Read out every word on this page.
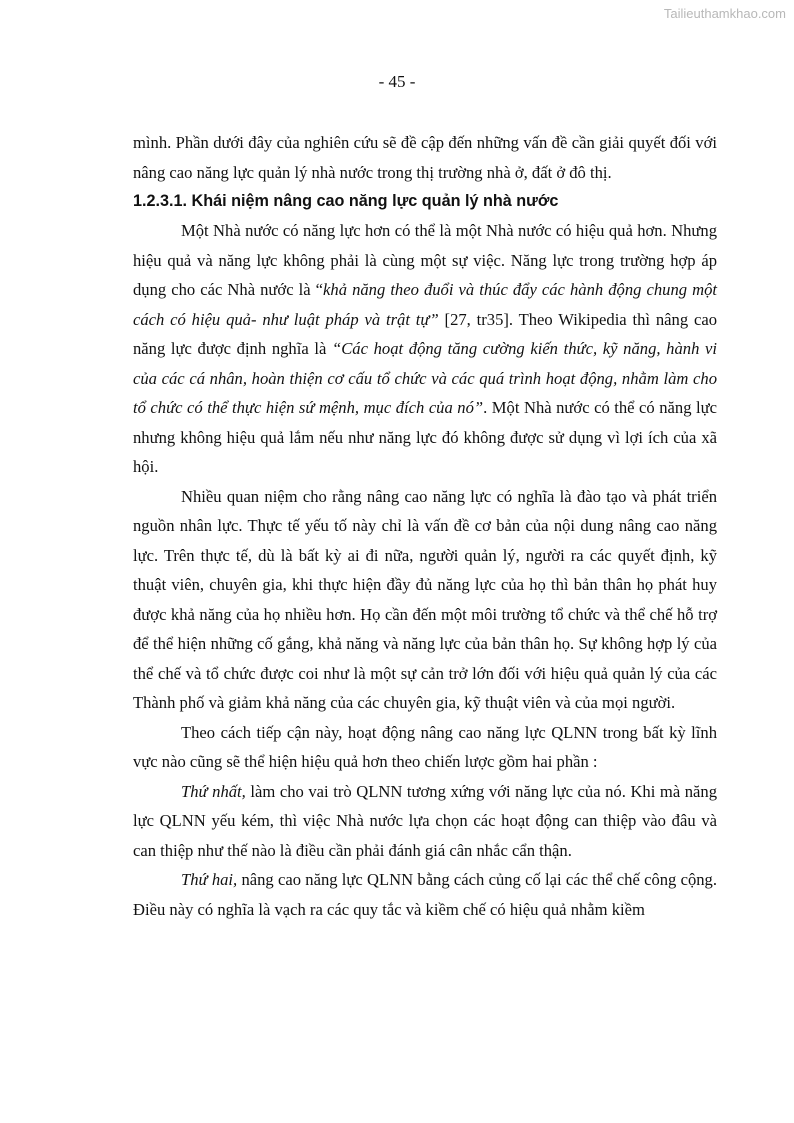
Tailieuthamkhao.com
- 45 -

mình. Phần dưới đây của nghiên cứu sẽ đề cập đến những vấn đề cần giải quyết đối với nâng cao năng lực quản lý nhà nước trong thị trường nhà ở, đất ở đô thị.

1.2.3.1. Khái niệm nâng cao năng lực quản lý nhà nước

Một Nhà nước có năng lực hơn có thể là một Nhà nước có hiệu quả hơn. Nhưng hiệu quả và năng lực không phải là cùng một sự việc. Năng lực trong trường hợp áp dụng cho các Nhà nước là “khả năng theo đuổi và thúc đẩy các hành động chung một cách có hiệu quả- như luật pháp và trật tự” [27, tr35]. Theo Wikipedia thì nâng cao năng lực được định nghĩa là “Các hoạt động tăng cường kiến thức, kỹ năng, hành vi của các cá nhân, hoàn thiện cơ cấu tổ chức và các quá trình hoạt động, nhằm làm cho tổ chức có thể thực hiện sứ mệnh, mục đích của nó”. Một Nhà nước có thể có năng lực nhưng không hiệu quả lắm nếu như năng lực đó không được sử dụng vì lợi ích của xã hội.

Nhiều quan niệm cho rằng nâng cao năng lực có nghĩa là đào tạo và phát triển nguồn nhân lực. Thực tế yếu tố này chỉ là vấn đề cơ bản của nội dung nâng cao năng lực. Trên thực tế, dù là bất kỳ ai đi nữa, người quản lý, người ra các quyết định, kỹ thuật viên, chuyên gia, khi thực hiện đầy đủ năng lực của họ thì bản thân họ phát huy được khả năng của họ nhiều hơn. Họ cần đến một môi trường tổ chức và thể chế hỗ trợ để thể hiện những cố gắng, khả năng và năng lực của bản thân họ. Sự không hợp lý của thể chế và tổ chức được coi như là một sự cản trở lớn đối với hiệu quả quản lý của các Thành phố và giảm khả năng của các chuyên gia, kỹ thuật viên và của mọi người.

Theo cách tiếp cận này, hoạt động nâng cao năng lực QLNN trong bất kỳ lĩnh vực nào cũng sẽ thể hiện hiệu quả hơn theo chiến lược gồm hai phần :

Thứ nhất, làm cho vai trò QLNN tương xứng với năng lực của nó. Khi mà năng lực QLNN yếu kém, thì việc Nhà nước lựa chọn các hoạt động can thiệp vào đâu và can thiệp như thế nào là điều cần phải đánh giá cân nhắc cẩn thận.

Thứ hai, nâng cao năng lực QLNN bằng cách củng cố lại các thể chế công cộng. Điều này có nghĩa là vạch ra các quy tắc và kiềm chế có hiệu quả nhằm kiềm
